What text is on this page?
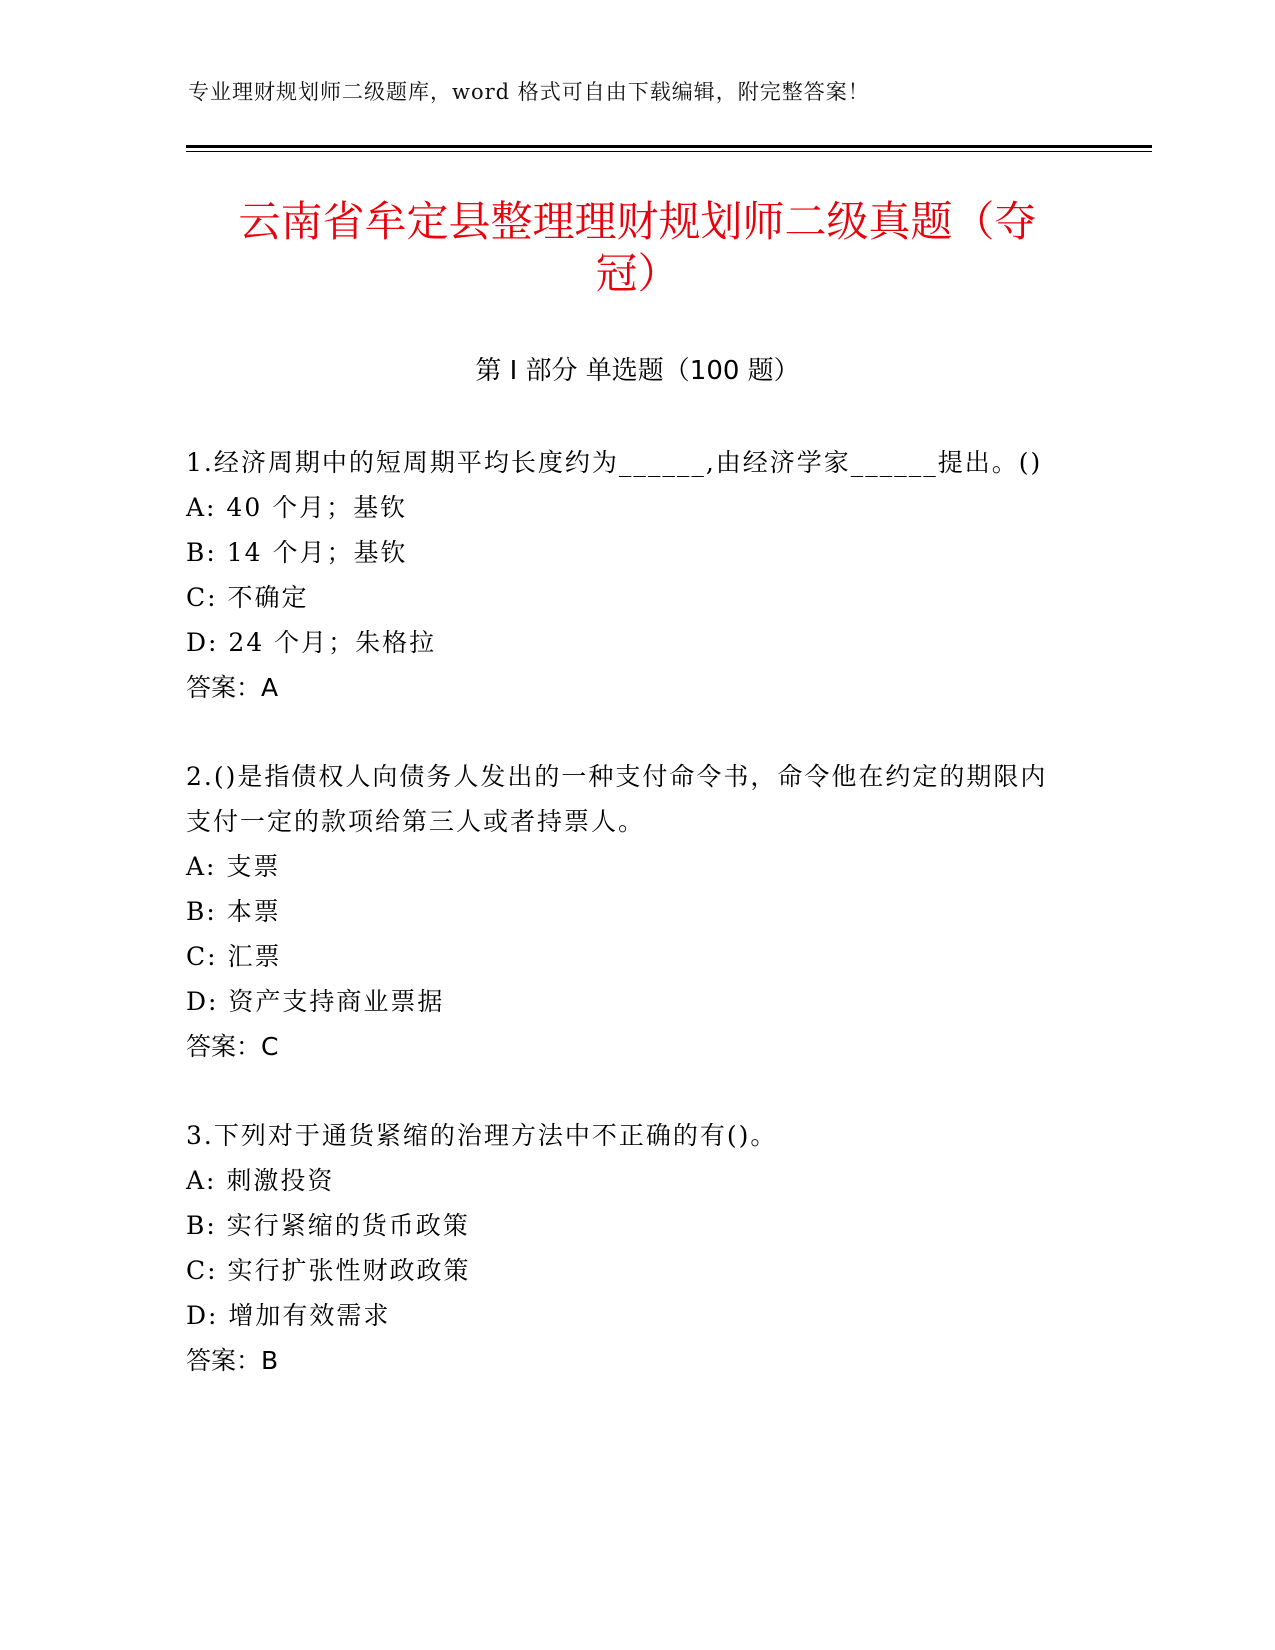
专业理财规划师二级题库，word 格式可自由下载编辑，附完整答案！
云南省牟定县整理理财规划师二级真题（夺
冠）
第 I 部分 单选题（100 题）
1.经济周期中的短周期平均长度约为______,由经济学家______提出。()
A: 40 个月；基钦
B: 14 个月；基钦
C: 不确定
D: 24 个月；朱格拉
答案：A
2.()是指债权人向债务人发出的一种支付命令书，命令他在约定的期限内支付一定的款项给第三人或者持票人。
A: 支票
B: 本票
C: 汇票
D: 资产支持商业票据
答案：C
3.下列对于通货紧缩的治理方法中不正确的有()。
A: 刺激投资
B: 实行紧缩的货币政策
C: 实行扩张性财政政策
D: 增加有效需求
答案：B
